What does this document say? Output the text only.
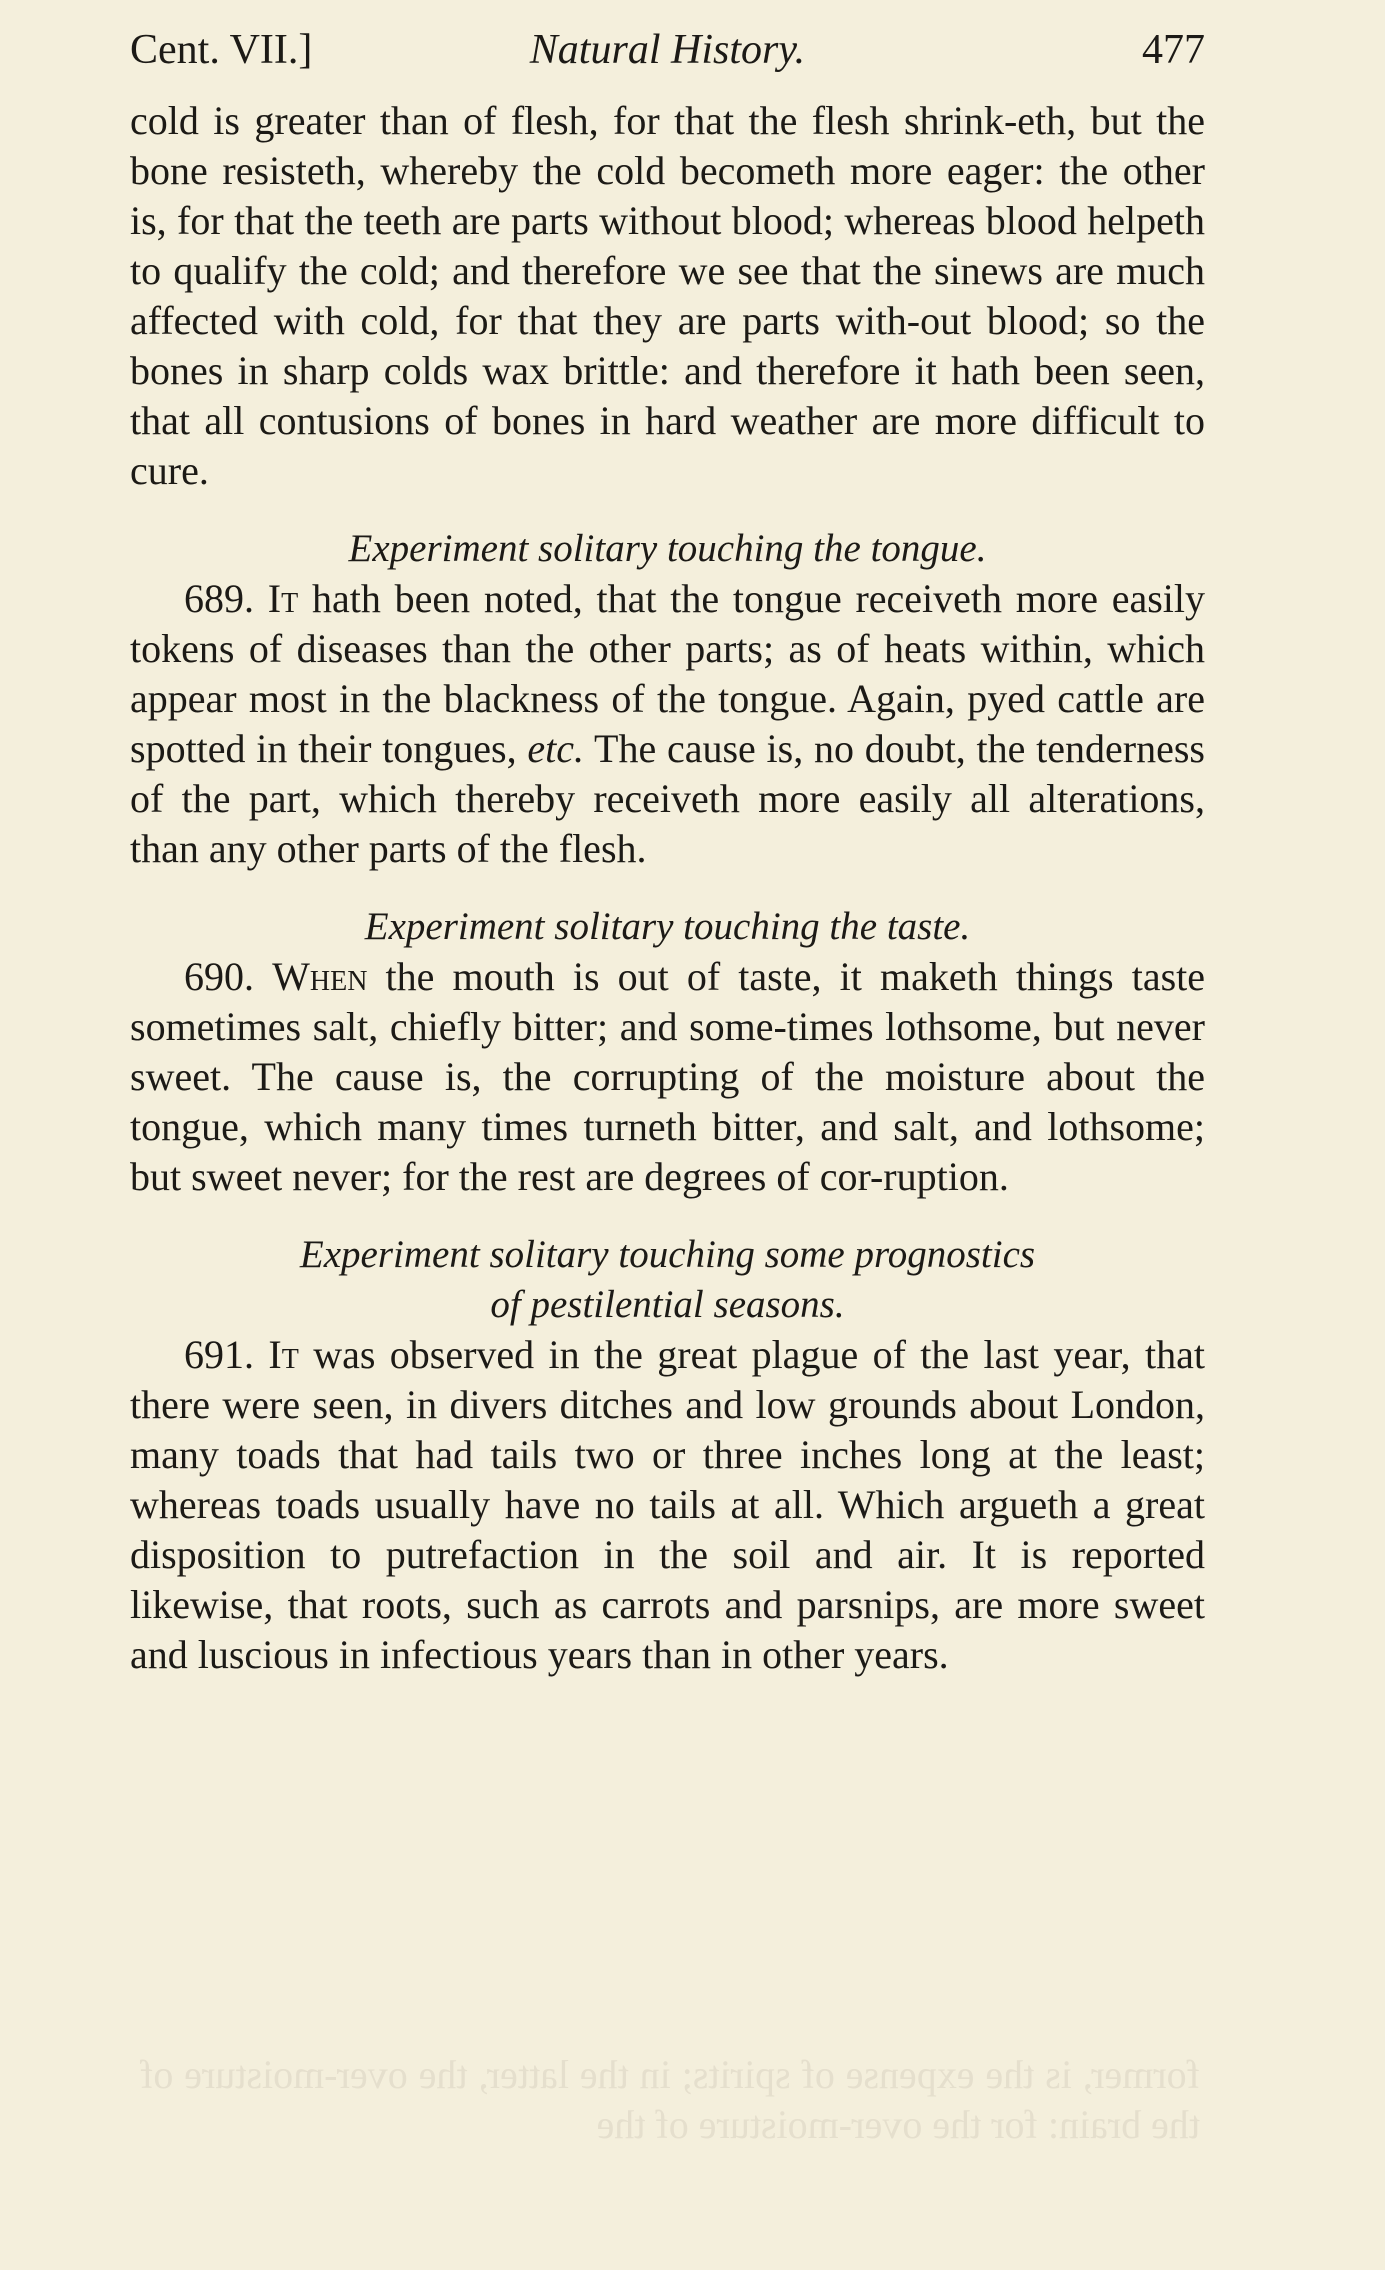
Cent. VII.]	Natural History.	477

cold is greater than of flesh, for that the flesh shrink-eth, but the bone resisteth, whereby the cold becometh more eager: the other is, for that the teeth are parts without blood; whereas blood helpeth to qualify the cold; and therefore we see that the sinews are much affected with cold, for that they are parts with-out blood; so the bones in sharp colds wax brittle: and therefore it hath been seen, that all contusions of bones in hard weather are more difficult to cure.

Experiment solitary touching the tongue.

689. It hath been noted, that the tongue receiveth more easily tokens of diseases than the other parts; as of heats within, which appear most in the blackness of the tongue. Again, pyed cattle are spotted in their tongues, etc. The cause is, no doubt, the tenderness of the part, which thereby receiveth more easily all alterations, than any other parts of the flesh.

Experiment solitary touching the taste.

690. When the mouth is out of taste, it maketh things taste sometimes salt, chiefly bitter; and some-times lothsome, but never sweet. The cause is, the corrupting of the moisture about the tongue, which many times turneth bitter, and salt, and lothsome; but sweet never; for the rest are degrees of cor-ruption.

Experiment solitary touching some prognostics
of pestilential seasons.

691. It was observed in the great plague of the last year, that there were seen, in divers ditches and low grounds about London, many toads that had tails two or three inches long at the least; whereas toads usually have no tails at all. Which argueth a great disposition to putrefaction in the soil and air. It is reported likewise, that roots, such as carrots and parsnips, are more sweet and luscious in infectious years than in other years.

former, is the expense of spirits; in the latter, the over-moisture of the brain: for the over-moisture of the
